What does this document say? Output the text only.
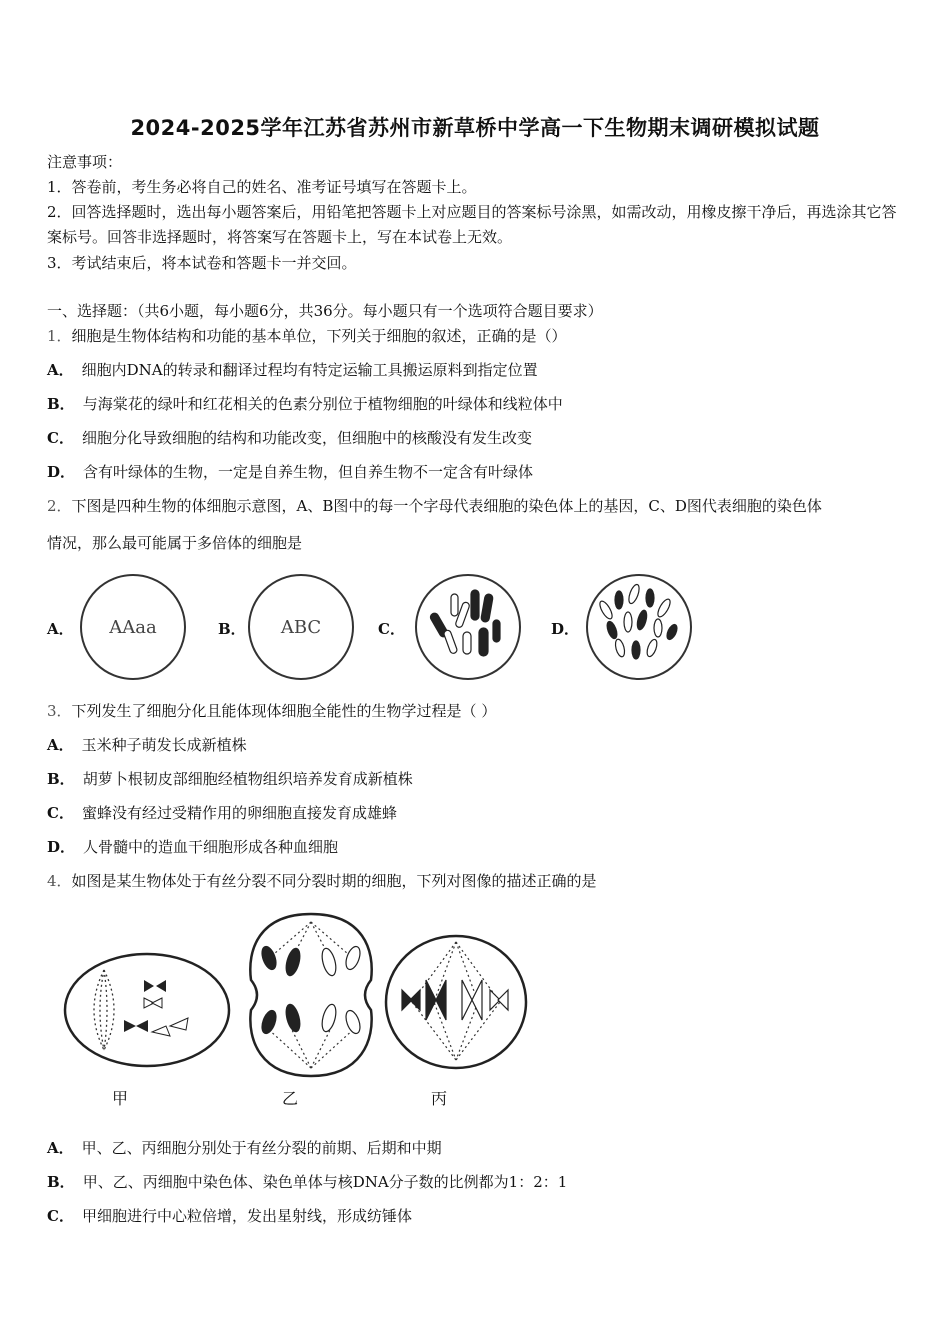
2024-2025学年江苏省苏州市新草桥中学高一下生物期末调研模拟试题
注意事项：
1．答卷前，考生务必将自己的姓名、准考证号填写在答题卡上。
2．回答选择题时，选出每小题答案后，用铅笔把答题卡上对应题目的答案标号涂黑，如需改动，用橡皮擦干净后，再选涂其它答案标号。回答非选择题时，将答案写在答题卡上，写在本试卷上无效。
3．考试结束后，将本试卷和答题卡一并交回。
一、选择题：（共6小题，每小题6分，共36分。每小题只有一个选项符合题目要求）
1．细胞是生物体结构和功能的基本单位，下列关于细胞的叙述，正确的是（）
A． 细胞内DNA的转录和翻译过程均有特定运输工具搬运原料到指定位置
B． 与海棠花的绿叶和红花相关的色素分别位于植物细胞的叶绿体和线粒体中
C． 细胞分化导致细胞的结构和功能改变，但细胞中的核酸没有发生改变
D． 含有叶绿体的生物，一定是自养生物，但自养生物不一定含有叶绿体
2．下图是四种生物的体细胞示意图，A、B图中的每一个字母代表细胞的染色体上的基因，C、D图代表细胞的染色体
情况，那么最可能属于多倍体的细胞是
A．	B．	C．	D．
AAaa	ABC
3．下列发生了细胞分化且能体现体细胞全能性的生物学过程是（ ）
A． 玉米种子萌发长成新植株
B． 胡萝卜根韧皮部细胞经植物组织培养发育成新植株
C． 蜜蜂没有经过受精作用的卵细胞直接发育成雄蜂
D． 人骨髓中的造血干细胞形成各种血细胞
4．如图是某生物体处于有丝分裂不同分裂时期的细胞，下列对图像的描述正确的是
甲	乙	丙
A． 甲、乙、丙细胞分别处于有丝分裂的前期、后期和中期
B． 甲、乙、丙细胞中染色体、染色单体与核DNA分子数的比例都为1：2：1
C． 甲细胞进行中心粒倍增，发出星射线，形成纺锤体
